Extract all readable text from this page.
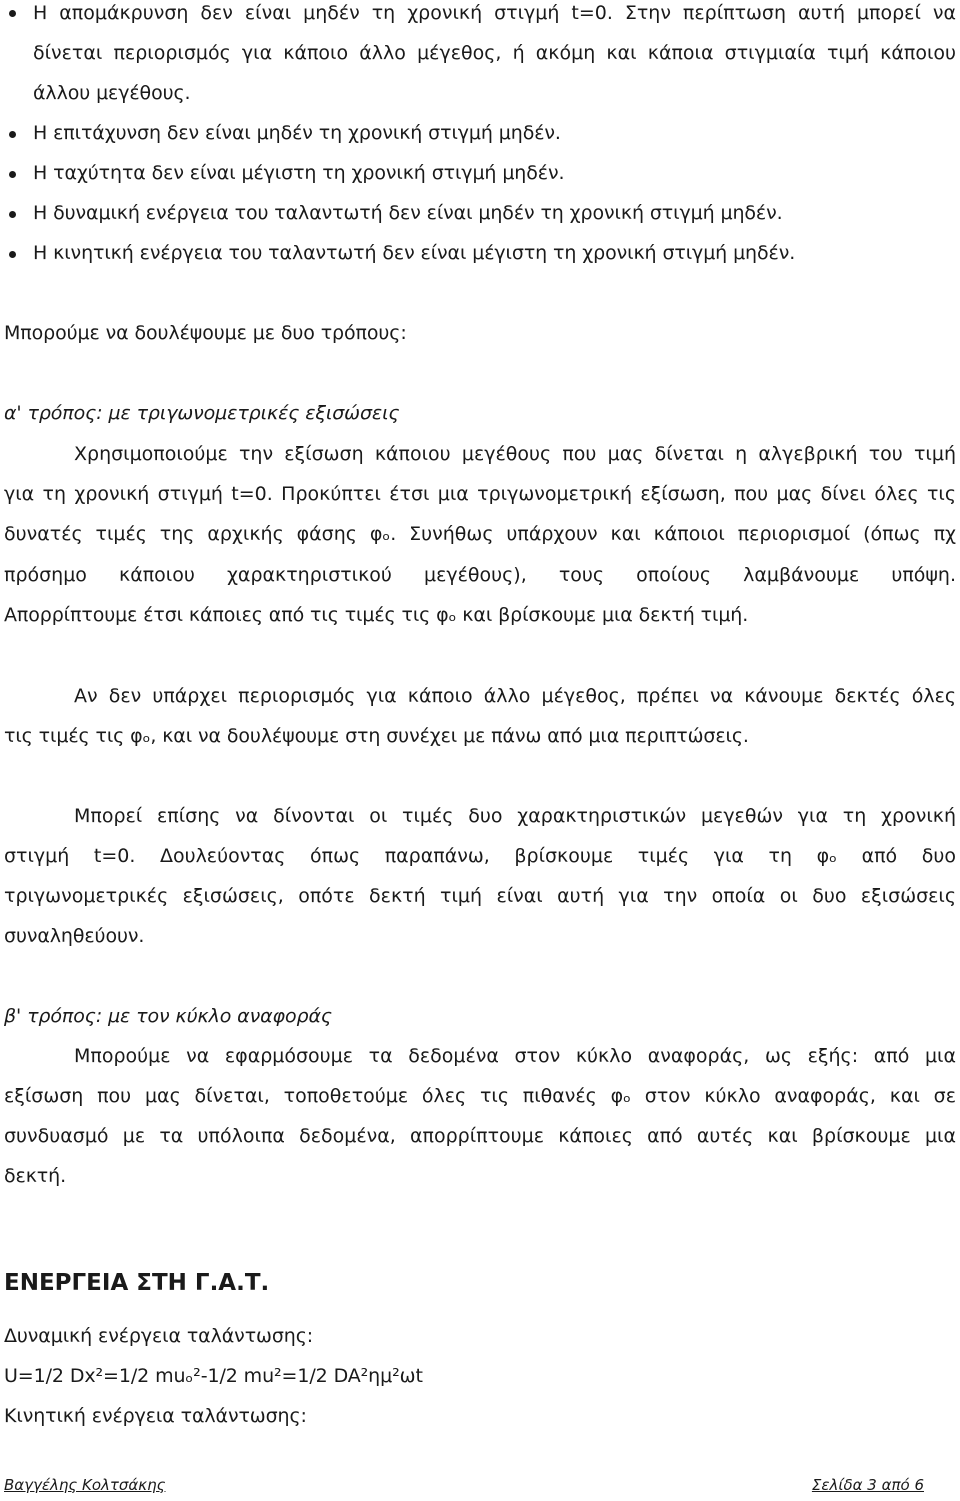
Η απομάκρυνση δεν είναι μηδέν τη χρονική στιγμή t=0. Στην περίπτωση αυτή μπορεί να
δίνεται περιορισμός για κάποιο άλλο μέγεθος, ή ακόμη και κάποια στιγμιαία τιμή κάποιου
άλλου μεγέθους.
Η επιτάχυνση δεν είναι μηδέν τη χρονική στιγμή μηδέν.
Η ταχύτητα δεν είναι μέγιστη τη χρονική στιγμή μηδέν.
Η δυναμική ενέργεια του ταλαντωτή δεν είναι μηδέν τη χρονική στιγμή μηδέν.
Η κινητική ενέργεια του ταλαντωτή δεν είναι μέγιστη τη χρονική στιγμή μηδέν.
Μπορούμε να δουλέψουμε με δυο τρόπους:
α' τρόπος: με τριγωνομετρικές εξισώσεις
Χρησιμοποιούμε την εξίσωση κάποιου μεγέθους που μας δίνεται η αλγεβρική του τιμή
για τη χρονική στιγμή t=0. Προκύπτει έτσι μια τριγωνομετρική εξίσωση, που μας δίνει όλες τις
δυνατές τιμές της αρχικής φάσης φₒ. Συνήθως υπάρχουν και κάποιοι περιορισμοί (όπως πχ
πρόσημο κάποιου χαρακτηριστικού μεγέθους), τους οποίους λαμβάνουμε υπόψη.
Απορρίπτουμε έτσι κάποιες από τις τιμές τις φₒ και βρίσκουμε μια δεκτή τιμή.
Αν δεν υπάρχει περιορισμός για κάποιο άλλο μέγεθος, πρέπει να κάνουμε δεκτές όλες
τις τιμές τις φₒ, και να δουλέψουμε στη συνέχει με πάνω από μια περιπτώσεις.
Μπορεί επίσης να δίνονται οι τιμές δυο χαρακτηριστικών μεγεθών για τη χρονική
στιγμή t=0. Δουλεύοντας όπως παραπάνω, βρίσκουμε τιμές για τη φₒ από δυο
τριγωνομετρικές εξισώσεις, οπότε δεκτή τιμή είναι αυτή για την οποία οι δυο εξισώσεις
συναληθεύουν.
β' τρόπος: με τον κύκλο αναφοράς
Μπορούμε να εφαρμόσουμε τα δεδομένα στον κύκλο αναφοράς, ως εξής: από μια
εξίσωση που μας δίνεται, τοποθετούμε όλες τις πιθανές φₒ στον κύκλο αναφοράς, και σε
συνδυασμό με τα υπόλοιπα δεδομένα, απορρίπτουμε κάποιες από αυτές και βρίσκουμε μια
δεκτή.
ΕΝΕΡΓΕΙΑ ΣΤΗ Γ.Α.Τ.
Δυναμική ενέργεια ταλάντωσης:
U=1/2 Dx²=1/2 muₒ²-1/2 mu²=1/2 DA²ημ²ωt
Κινητική ενέργεια ταλάντωσης:
Βαγγέλης Κολτσάκης	Σελίδα 3 από 6
